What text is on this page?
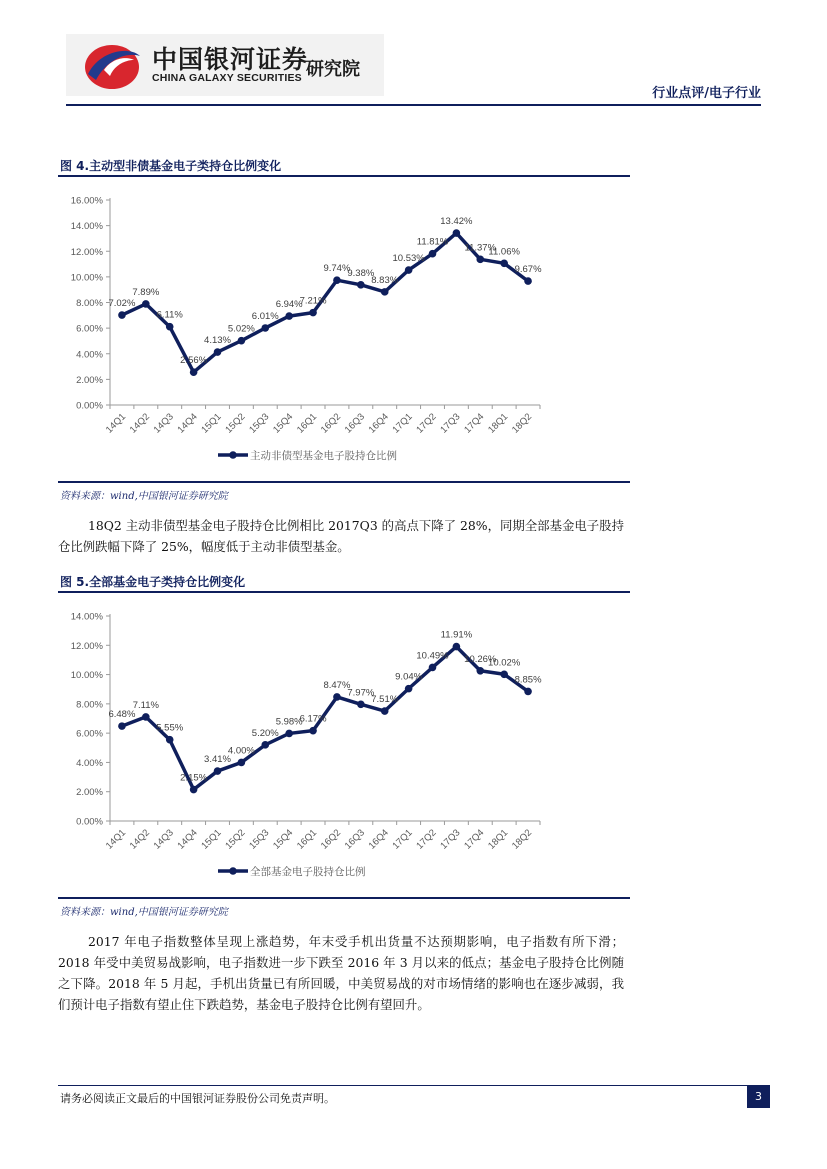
中国银河证券
CHINA GALAXY SECURITIES 研究院
行业点评/电子行业
图 4.主动型非债基金电子类持仓比例变化
0.00%
2.00%
4.00%
6.00%
8.00%
10.00%
12.00%
14.00%
16.00%
14Q1 14Q2 14Q3 14Q4 15Q1 15Q2 15Q3 15Q4 16Q1 16Q2 16Q3 16Q4 17Q1 17Q2 17Q3 17Q4 18Q1 18Q2
7.02%
7.89%
6.11%
2.56%
4.13%
5.02%
6.01%
6.94%
7.21%
9.74%
9.38%
8.83%
10.53%
11.81%
13.42%
11.37%
11.06%
9.67%
主动非债型基金电子股持仓比例
资料来源：wind,中国银河证券研究院
18Q2 主动非债型基金电子股持仓比例相比 2017Q3 的高点下降了 28%，同期全部基金电子股持仓比例跌幅下降了 25%，幅度低于主动非债型基金。
图 5.全部基金电子类持仓比例变化
0.00%
2.00%
4.00%
6.00%
8.00%
10.00%
12.00%
14.00%
14Q1 14Q2 14Q3 14Q4 15Q1 15Q2 15Q3 15Q4 16Q1 16Q2 16Q3 16Q4 17Q1 17Q2 17Q3 17Q4 18Q1 18Q2
6.48%
7.11%
5.55%
2.15%
3.41%
4.00%
5.20%
5.98%
6.17%
8.47%
7.97%
7.51%
9.04%
10.49%
11.91%
10.26%
10.02%
8.85%
全部基金电子股持仓比例
资料来源：wind,中国银河证券研究院
2017 年电子指数整体呈现上涨趋势，年末受手机出货量不达预期影响，电子指数有所下滑；2018 年受中美贸易战影响，电子指数进一步下跌至 2016 年 3 月以来的低点；基金电子股持仓比例随之下降。2018 年 5 月起，手机出货量已有所回暖，中美贸易战的对市场情绪的影响也在逐步减弱，我们预计电子指数有望止住下跌趋势，基金电子股持仓比例有望回升。
请务必阅读正文最后的中国银河证券股份公司免责声明。	3
